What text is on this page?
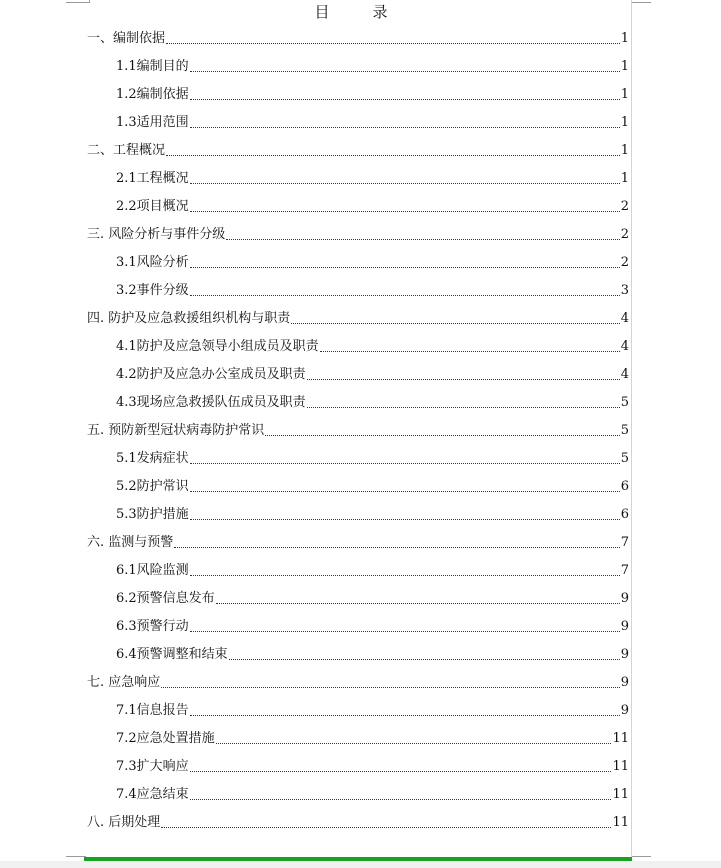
目　录
一、编制依据	1
1.1编制目的	1
1.2编制依据	1
1.3适用范围	1
二、工程概况	1
2.1工程概况	1
2.2项目概况	2
三. 风险分析与事件分级	2
3.1风险分析	2
3.2事件分级	3
四. 防护及应急救援组织机构与职责	4
4.1防护及应急领导小组成员及职责	4
4.2防护及应急办公室成员及职责	4
4.3现场应急救援队伍成员及职责	5
五. 预防新型冠状病毒防护常识	5
5.1发病症状	5
5.2防护常识	6
5.3防护措施	6
六. 监测与预警	7
6.1风险监测	7
6.2预警信息发布	9
6.3预警行动	9
6.4预警调整和结束	9
七. 应急响应	9
7.1信息报告	9
7.2应急处置措施	11
7.3扩大响应	11
7.4应急结束	11
八. 后期处理	11
